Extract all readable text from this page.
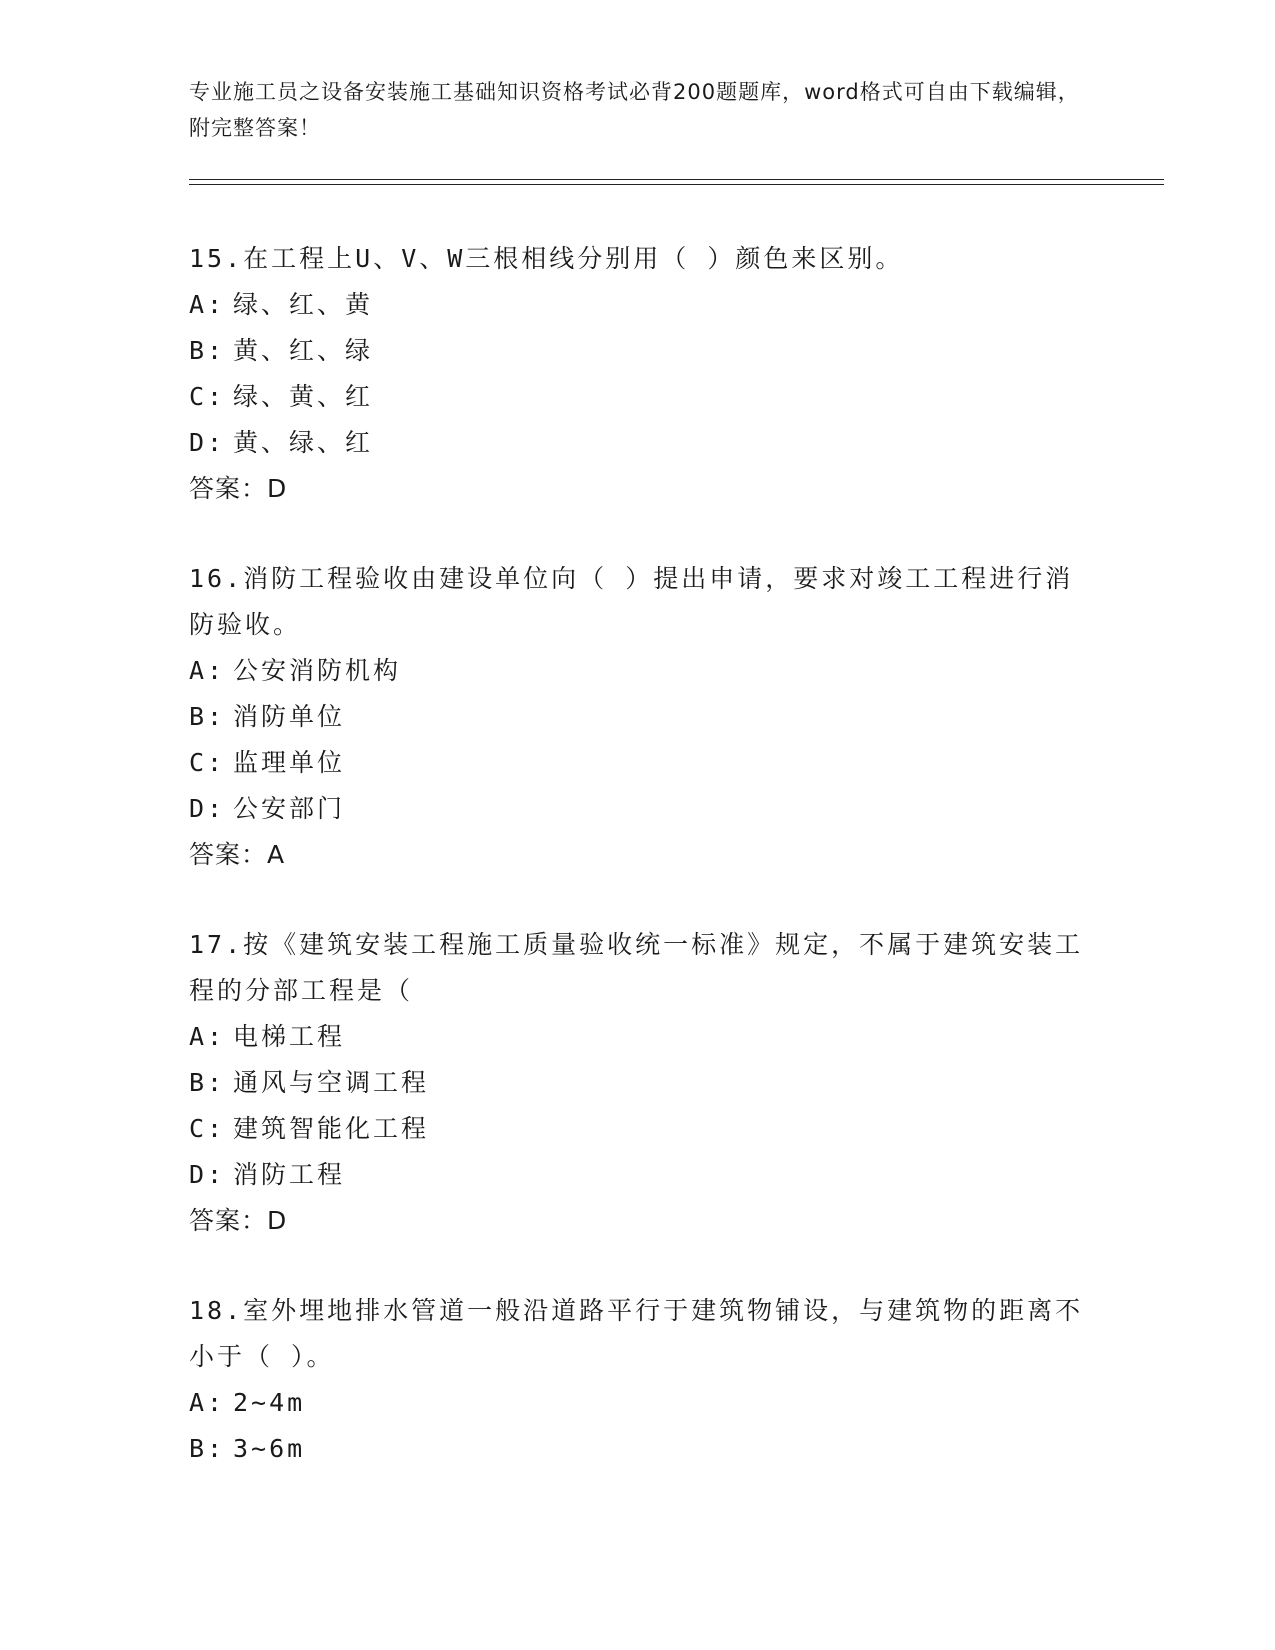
专业施工员之设备安装施工基础知识资格考试必背200题题库，word格式可自由下载编辑，附完整答案！

15.在工程上U、V、W三根相线分别用（ ）颜色来区别。

A: 绿、红、黄

B: 黄、红、绿

C: 绿、黄、红

D: 黄、绿、红

答案：D

16.消防工程验收由建设单位向（ ）提出申请，要求对竣工工程进行消防验收。

A: 公安消防机构

B: 消防单位

C: 监理单位

D: 公安部门

答案：A

17.按《建筑安装工程施工质量验收统一标准》规定，不属于建筑安装工程的分部工程是（

A: 电梯工程

B: 通风与空调工程

C: 建筑智能化工程

D: 消防工程

答案：D

18.室外埋地排水管道一般沿道路平行于建筑物铺设，与建筑物的距离不小于（ ）。

A: 2~4m

B: 3~6m
